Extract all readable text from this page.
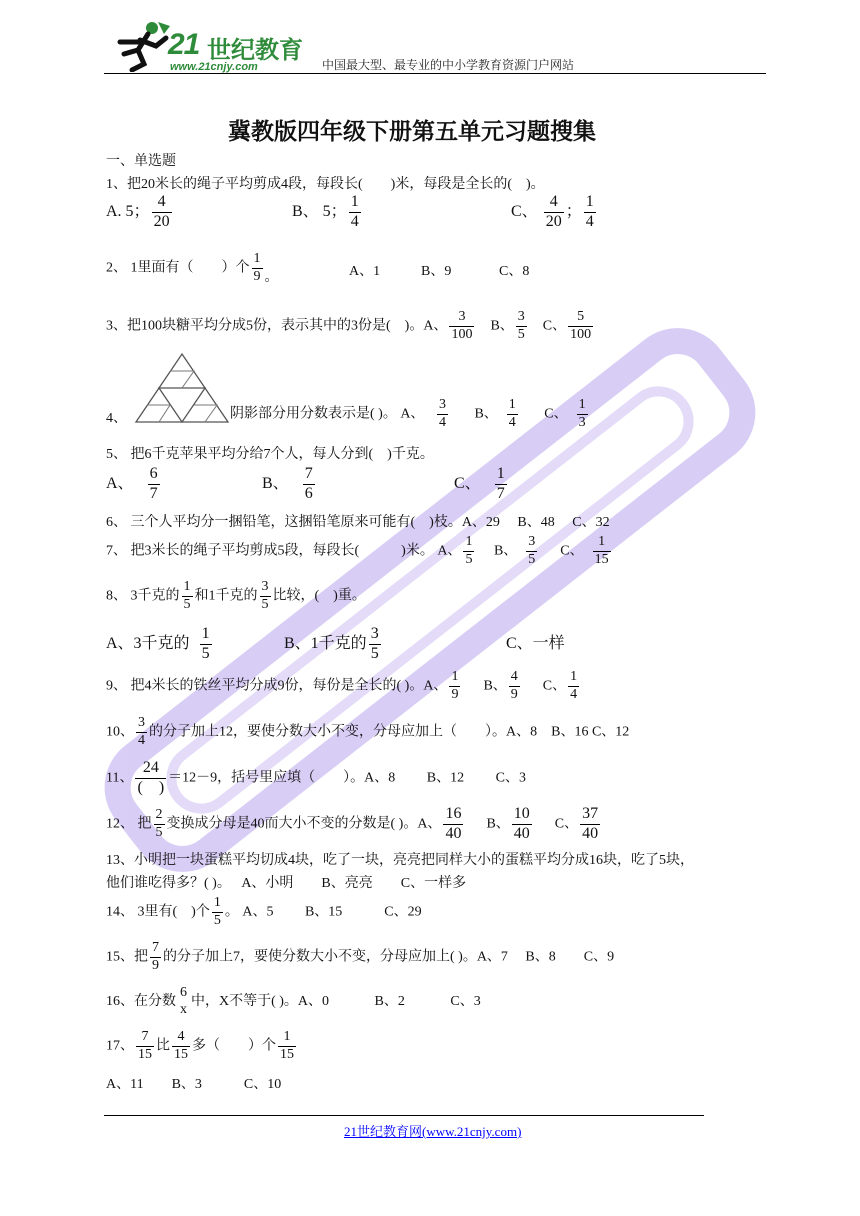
21 世纪教育
www.21cnjy.com	中国最大型、最专业的中小学教育资源门户网站
冀教版四年级下册第五单元习题搜集
一、单选题
1、把20米长的绳子平均剪成4段，每段长(　　)米，每段是全长的(　)。
A. 5； $\frac{4}{20}$	B、 5； $\frac{1}{4}$	C、 $\frac{4}{20}$ ； $\frac{1}{4}$
2、 1里面有（　　）个 $\frac{1}{9}$ 。	A、1	B、9	C、8
3、把100块糖平均分成5份，表示其中的3份是(　)。A、 $\frac{3}{100}$ B、 $\frac{3}{5}$ C、 $\frac{5}{100}$
4、	阴影部分用分数表示是( )。 A、 $\frac{3}{4}$ B、 $\frac{1}{4}$ C、 $\frac{1}{3}$
5、 把6千克苹果平均分给7个人，每人分到(　)千克。
A、 $\frac{6}{7}$	B、 $\frac{7}{6}$	C、 $\frac{1}{7}$
6、 三个人平均分一捆铅笔，这捆铅笔原来可能有(　)枝。A、29　 B、48　 C、32
7、 把3米长的绳子平均剪成5段，每段长(　　　)米。 A、 $\frac{1}{5}$ B、 $\frac{3}{5}$ C、 $\frac{1}{15}$
8、 3千克的 $\frac{1}{5}$ 和1千克的 $\frac{3}{5}$ 比较，(　)重。
A、3千克的 $\frac{1}{5}$	B、1千克的 $\frac{3}{5}$	C、一样
9、 把4米长的铁丝平均分成9份，每份是全长的( )。A、 $\frac{1}{9}$ B、 $\frac{4}{9}$ C、 $\frac{1}{4}$
10、 $\frac{3}{4}$ 的分子加上12，要使分数大小不变，分母应加上（　　）。A、8　B、16 C、12
11、 $\frac{24}{( )} =12-9$，括号里应填（　　）。A、8　　 B、12　　 C、3
12、 把 $\frac{2}{5}$ 变换成分母是40而大小不变的分数是( )。A、 $\frac{16}{40}$ B、 $\frac{10}{40}$ C、 $\frac{37}{40}$
13、小明把一块蛋糕平均切成4块，吃了一块，亮亮把同样大小的蛋糕平均分成16块，吃了5块，
他们谁吃得多？( )。　 A、小明　　B、亮亮　　C、一样多
14、 3里有(　)个 $\frac{1}{5}$ 。 A、5　　 B、15　　　C、29
15、把 $\frac{7}{9}$ 的分子加上7，要使分数大小不变，分母应加上( )。A、7　 B、8　　C、9
16、在分数
6
x
中，X不等于( )。A、0　　　 B、2　　　 C、3
17、 $\frac{7}{15}$ 比 $\frac{4}{15}$ 多（　　）个 $\frac{1}{15}$
A、11　　B、3　　　C、10
21世纪教育网(www.21cnjy.com)
